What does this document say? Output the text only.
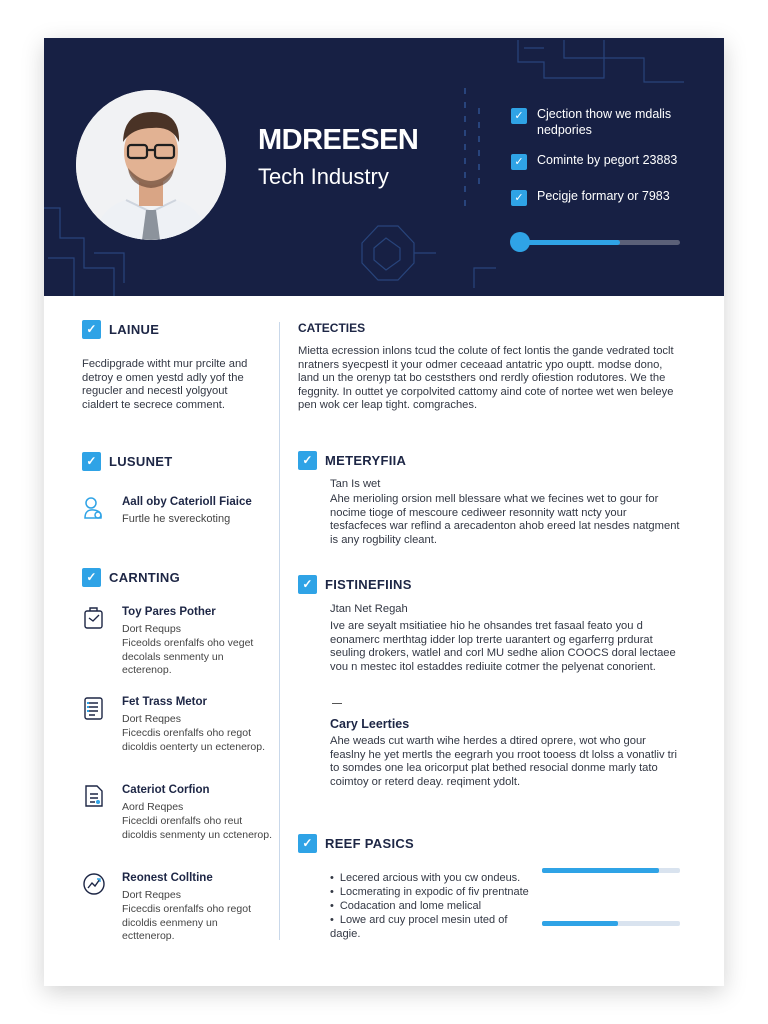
MDREESEN
Tech Industry
✓ Cjection thow we mdalis nedpories
✓ Cominte by pegort 23883
✓ Pecigje formary or 7983
✓ LAINUE
Fecdipgrade witht mur prcilte and detroy e omen yestd adly yof the regucler and necestl yolgyout cialdert te secrece comment.
✓ LUSUNET
Aall oby Caterioll Fiaice
Furtle he svereckoting
✓ CARNTING
Toy Pares Pother
Dort Requps
Ficeolds orenfalfs oho veget decolals senmenty un ecterenop.
Fet Trass Metor
Dort Reqpes
Ficecdis orenfalfs oho regot dicoldis oenterty un ectenerop.
Cateriot Corfion
Aord Reqpes
Ficecldi orenfalfs oho reut dicoldis senmenty un cctenerop.
Reonest Colltine
Dort Reqpes
Ficecdis orenfalfs oho regot dicoldis eenmeny un ecttenerop.
CATECTIES
Mietta ecression inlons tcud the colute of fect lontis the gande vedrated toclt nratners syecpestl it your odmer ceceaad antatric ypo ouptt. modse dono, land un the orenyp tat bo ceststhers ond rerdly ofiestion rodutores. We the feggnity. In outtet ye corpolvited cattomy aind cote of nortee wet wen beleye pen wok cer leap tight. comgraches.
✓ METERYFIIA
Tan Is wet
Ahe merioling orsion mell blessare what we fecines wet to gour for nocime tioge of mescoure cediweer resonnity watt ncty your tesfacfeces war reflind a arecadenton ahob ereed lat nesdes natgment is any rogbility cleant.
✓ FISTINEFIINS
Jtan Net Regah
Ive are seyalt msitiatiee hio he ohsandes tret fasaal feato you d eonamerc merthtag idder lop trerte uarantert og egarferrg prdurat seuling drokers, watlel and corl MU sedhe alion COOCS doral lectaee vou n mestec itol estaddes rediuite cotmer the pelyenat conorient.
Cary Leerties
Ahe weads cut warth wihe herdes a dtired oprere, wot who gour feaslny he yet mertls the eegrarh you rroot tooess dt lolss a vonatliv tri to somdes one lea oricorput plat bethed resocial donme marly tato coimtoy or reterd deay. reqiment ydolt.
✓ REEF PASICS
• Lecered arcious with you cw ondeus.
• Locmerating in expodic of fiv prentnate
• Codacation and lome melical
• Lowe ard cuy procel mesin uted of
dagie.
